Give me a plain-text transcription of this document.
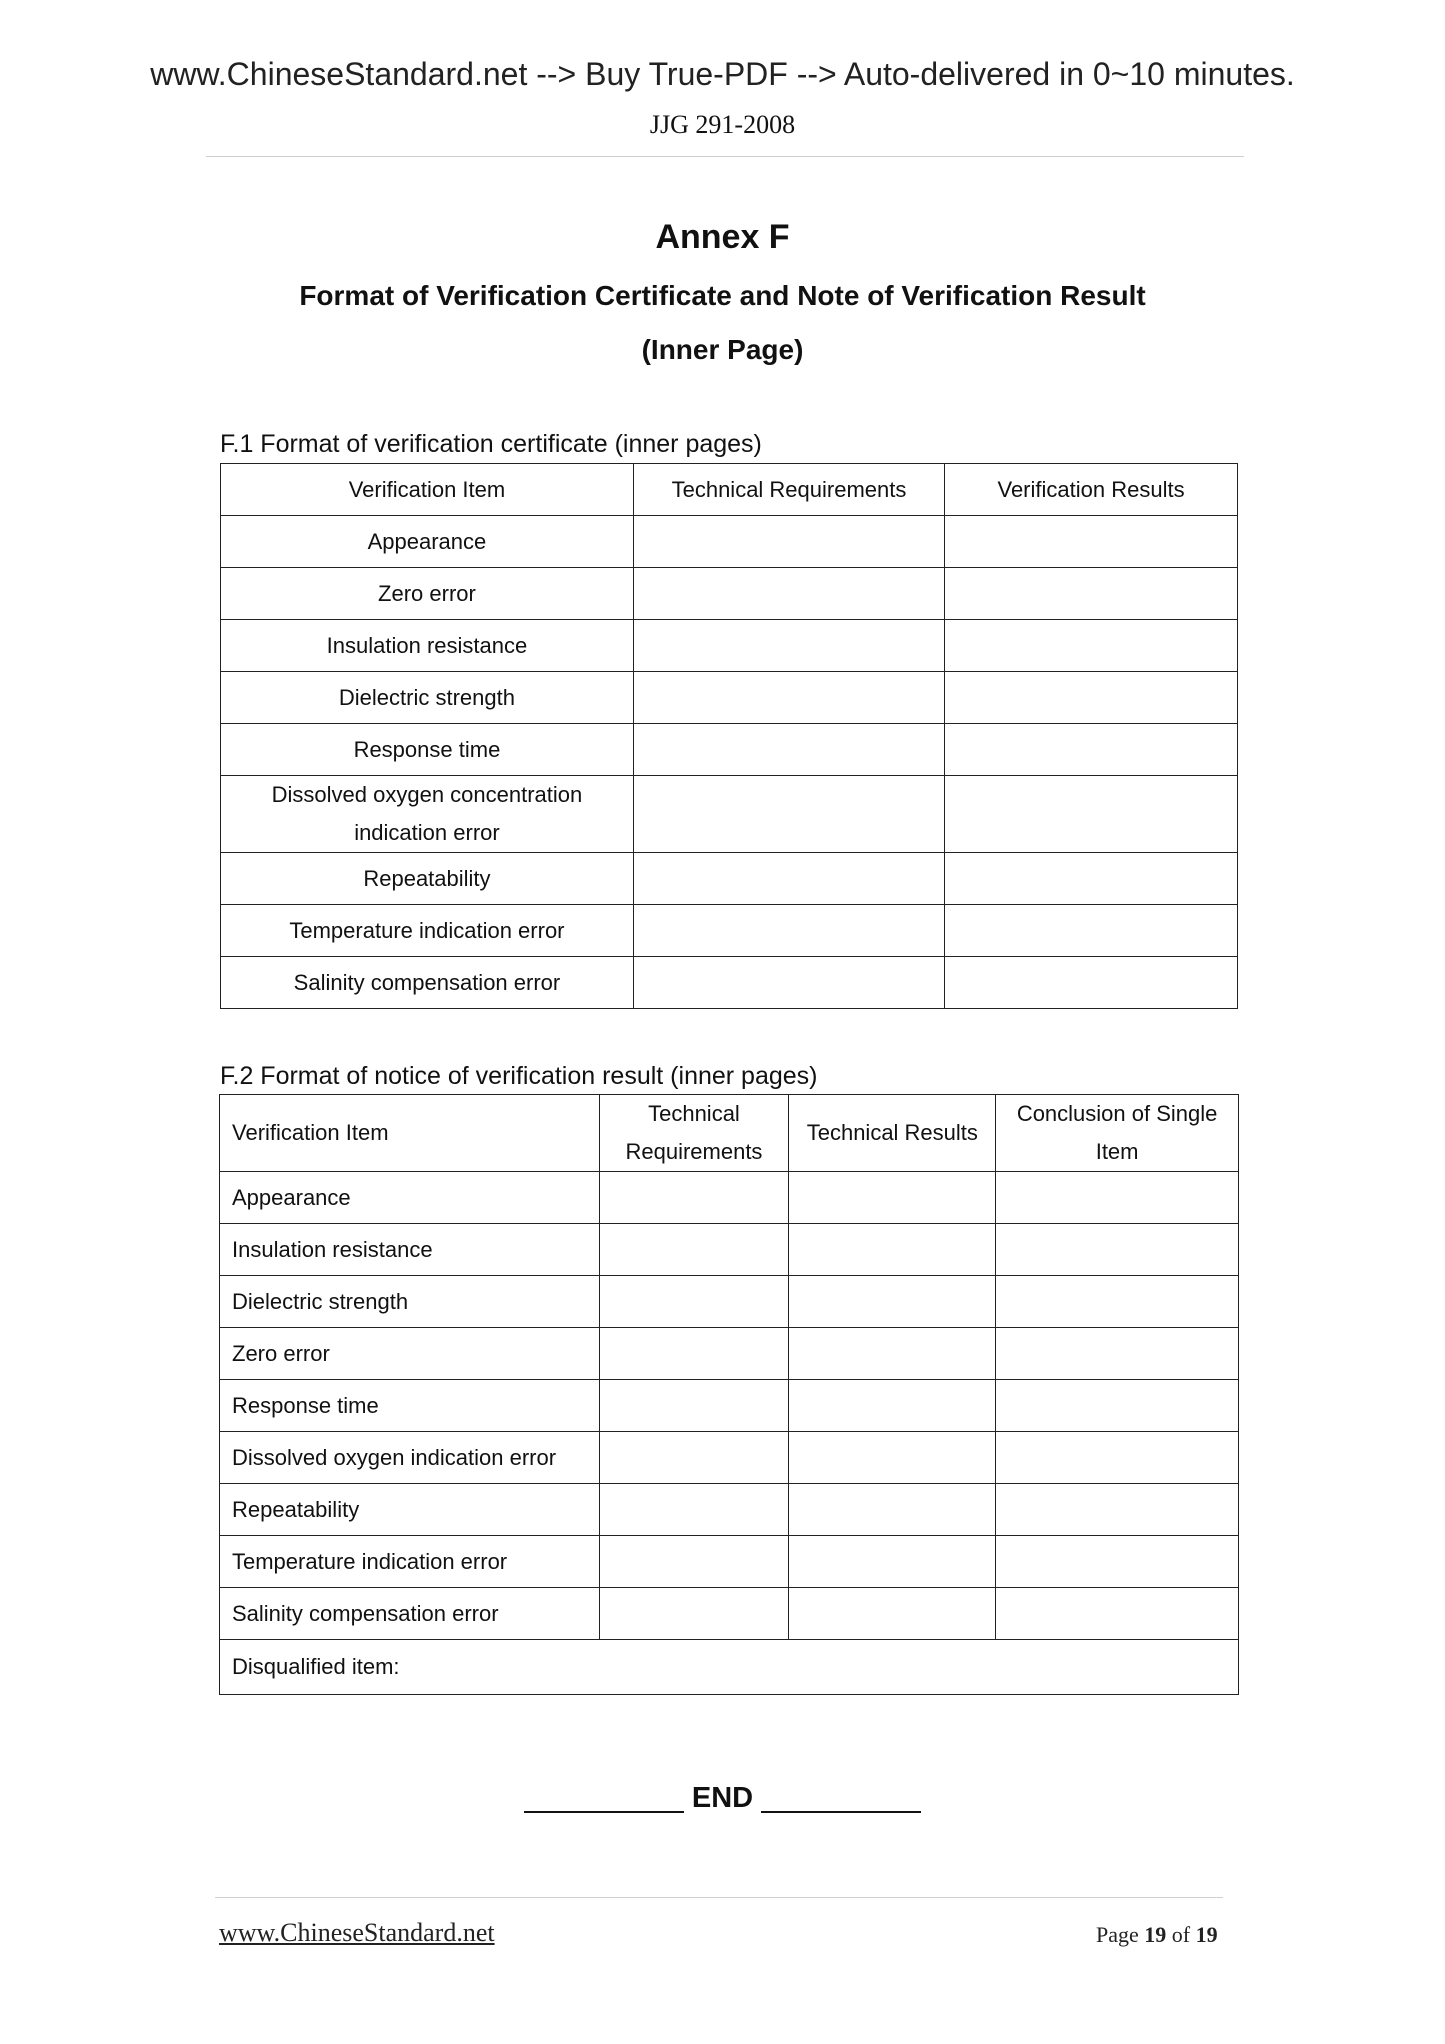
www.ChineseStandard.net --> Buy True-PDF --> Auto-delivered in 0~10 minutes.
JJG 291-2008
Annex F
Format of Verification Certificate and Note of Verification Result
(Inner Page)
F.1 Format of verification certificate (inner pages)
Verification Item	Technical Requirements	Verification Results
Appearance		
Zero error		
Insulation resistance		
Dielectric strength		
Response time		
Dissolved oxygen concentration indication error		
Repeatability		
Temperature indication error		
Salinity compensation error		
F.2 Format of notice of verification result (inner pages)
Verification Item	Technical Requirements	Technical Results	Conclusion of Single Item
Appearance			
Insulation resistance			
Dielectric strength			
Zero error			
Response time			
Dissolved oxygen indication error			
Repeatability			
Temperature indication error			
Salinity compensation error			
Disqualified item:			
END
www.ChineseStandard.net	Page 19 of 19
